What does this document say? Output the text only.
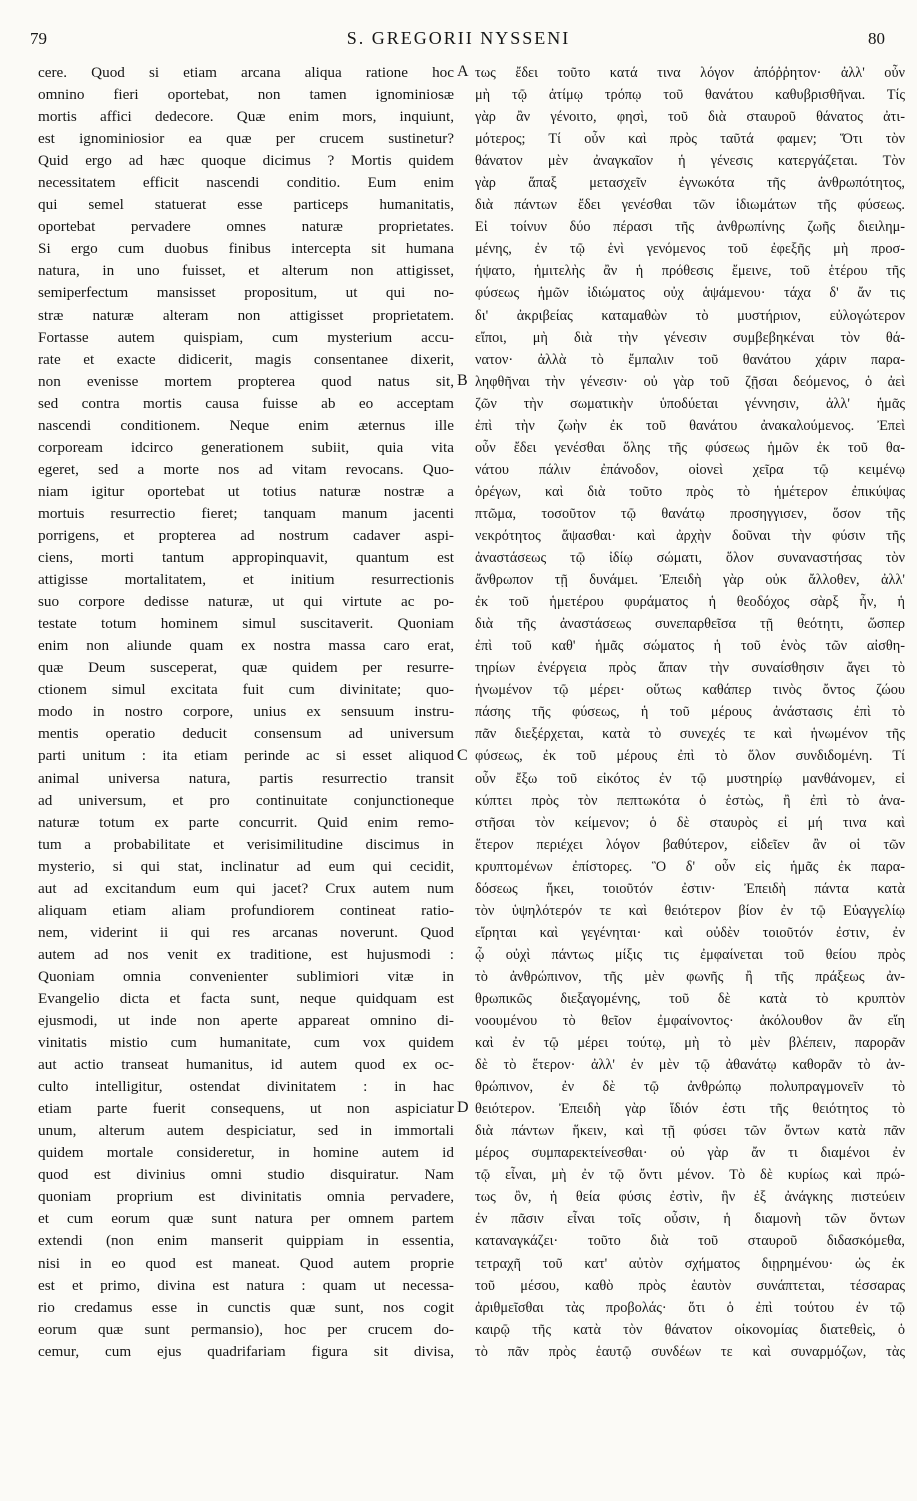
79	S. GREGORII NYSSENI	80
cere. Quod si etiam arcana aliqua ratione hoc
omnino fieri oportebat, non tamen ignominiosæ
mortis affici dedecore. Quæ enim mors, inquiunt,
est ignominiosior ea quæ per crucem sustinetur?
Quid ergo ad hæc quoque dicimus ? Mortis quidem
necessitatem efficit nascendi conditio. Eum enim
qui semel statuerat esse particeps humanitatis,
oportebat pervadere omnes naturæ proprietates.
Si ergo cum duobus finibus intercepta sit humana
natura, in uno fuisset, et alterum non attigisset,
semiperfectum mansisset propositum, ut qui no-
stræ naturæ alteram non attigisset proprietatem.
Fortasse autem quispiam, cum mysterium accu-
rate et exacte didicerit, magis consentanee dixerit,
non evenisse mortem propterea quod natus sit,
sed contra mortis causa fuisse ab eo acceptam
nascendi conditionem. Neque enim æternus ille
corpoream idcirco generationem subiit, quia vita
egeret, sed a morte nos ad vitam revocans. Quo-
niam igitur oportebat ut totius naturæ nostræ a
mortuis resurrectio fieret; tanquam manum jacenti
porrigens, et propterea ad nostrum cadaver aspi-
ciens, morti tantum appropinquavit, quantum est
attigisse mortalitatem, et initium resurrectionis
suo corpore dedisse naturæ, ut qui virtute ac po-
testate totum hominem simul suscitaverit. Quoniam
enim non aliunde quam ex nostra massa caro erat,
quæ Deum susceperat, quæ quidem per resurre-
ctionem simul excitata fuit cum divinitate; quo-
modo in nostro corpore, unius ex sensuum instru-
mentis operatio deducit consensum ad universum
parti unitum : ita etiam perinde ac si esset aliquod
animal universa natura, partis resurrectio transit
ad universum, et pro continuitate conjunctioneque
naturæ totum ex parte concurrit. Quid enim remo-
tum a probabilitate et verisimilitudine discimus in
mysterio, si qui stat, inclinatur ad eum qui cecidit,
aut ad excitandum eum qui jacet? Crux autem num
aliquam etiam aliam profundiorem contineat ratio-
nem, viderint ii qui res arcanas noverunt. Quod
autem ad nos venit ex traditione, est hujusmodi :
Quoniam omnia convenienter sublimiori vitæ in
Evangelio dicta et facta sunt, neque quidquam est
ejusmodi, ut inde non aperte appareat omnino di-
vinitatis mistio cum humanitate, cum vox quidem
aut actio transeat humanitus, id autem quod ex oc-
culto intelligitur, ostendat divinitatem : in hac
etiam parte fuerit consequens, ut non aspiciatur
unum, alterum autem despiciatur, sed in immortali
quidem mortale consideretur, in homine autem id
quod est divinius omni studio disquiratur. Nam
quoniam proprium est divinitatis omnia pervadere,
et cum eorum quæ sunt natura per omnem partem
extendi (non enim manserit quippiam in essentia,
nisi in eo quod est maneat. Quod autem proprie
est et primo, divina est natura : quam ut necessa-
rio credamus esse in cunctis quæ sunt, nos cogit
eorum quæ sunt permansio), hoc per crucem do-
cemur, cum ejus quadrifariam figura sit divisa,
τως ἔδει τοῦτο κατά τινα λόγον ἀπόῤῥητον· ἀλλ' οὖν
μὴ τῷ ἀτίμῳ τρόπῳ τοῦ θανάτου καθυβρισθῆναι. Τίς
γὰρ ἂν γένοιτο, φησὶ, τοῦ διὰ σταυροῦ θάνατος ἀτι-
μότερος; Τί οὖν καὶ πρὸς ταῦτά φαμεν; Ὅτι τὸν
θάνατον μὲν ἀναγκαῖον ἡ γένεσις κατεργάζεται. Τὸν
γὰρ ἅπαξ μετασχεῖν ἐγνωκότα τῆς ἀνθρωπότητος,
διὰ πάντων ἔδει γενέσθαι τῶν ἰδιωμάτων τῆς φύσεως.
Εἰ τοίνυν δύο πέρασι τῆς ἀνθρωπίνης ζωῆς διειλημ-
μένης, ἐν τῷ ἑνὶ γενόμενος τοῦ ἐφεξῆς μὴ προσ-
ήψατο, ἡμιτελὴς ἂν ἡ πρόθεσις ἔμεινε, τοῦ ἑτέρου τῆς
φύσεως ἡμῶν ἰδιώματος οὐχ ἁψάμενου· τάχα δ' ἄν τις
δι' ἀκριβείας καταμαθὼν τὸ μυστήριον, εὐλογώτερον
εἴποι, μὴ διὰ τὴν γένεσιν συμβεβηκέναι τὸν θά-
νατον· ἀλλὰ τὸ ἔμπαλιν τοῦ θανάτου χάριν παρα-
ληφθῆναι τὴν γένεσιν· οὐ γὰρ τοῦ ζῇσαι δεόμενος, ὁ ἀεὶ
ζῶν τὴν σωματικὴν ὑποδύεται γέννησιν, ἀλλ' ἡμᾶς
ἐπὶ τὴν ζωὴν ἐκ τοῦ θανάτου ἀνακαλούμενος. Ἐπεὶ
οὖν ἔδει γενέσθαι ὅλης τῆς φύσεως ἡμῶν ἐκ τοῦ θα-
νάτου πάλιν ἐπάνοδον, οἱονεὶ χεῖρα τῷ κειμένῳ
ὀρέγων, καὶ διὰ τοῦτο πρὸς τὸ ἡμέτερον ἐπικύψας
πτῶμα, τοσοῦτον τῷ θανάτῳ προσηγγισεν, ὅσον τῆς
νεκρότητος ἅψασθαι· καὶ ἀρχὴν δοῦναι τὴν φύσιν τῆς
ἀναστάσεως τῷ ἰδίῳ σώματι, ὅλον συναναστήσας τὸν
ἄνθρωπον τῇ δυνάμει. Ἐπειδὴ γὰρ οὐκ ἄλλοθεν, ἀλλ'
ἐκ τοῦ ἡμετέρου φυράματος ἡ θεοδόχος σὰρξ ἦν, ἡ
διὰ τῆς ἀναστάσεως συνεπαρθεῖσα τῇ θεότητι, ὥσπερ
ἐπὶ τοῦ καθ' ἡμᾶς σώματος ἡ τοῦ ἑνὸς τῶν αἰσθη-
τηρίων ἐνέργεια πρὸς ἅπαν τὴν συναίσθησιν ἄγει τὸ
ἡνωμένον τῷ μέρει· οὕτως καθάπερ τινὸς ὄντος ζώου
πάσης τῆς φύσεως, ἡ τοῦ μέρους ἀνάστασις ἐπὶ τὸ
πᾶν διεξέρχεται, κατὰ τὸ συνεχές τε καὶ ἡνωμένον τῆς
φύσεως, ἐκ τοῦ μέρους ἐπὶ τὸ ὅλον συνδιδομένη. Τί
οὖν ἔξω τοῦ εἰκότος ἐν τῷ μυστηρίῳ μανθάνομεν, εἰ
κύπτει πρὸς τὸν πεπτωκότα ὁ ἑστὼς, ἢ ἐπὶ τὸ ἀνα-
στῆσαι τὸν κείμενον; ὁ δὲ σταυρὸς εἰ μή τινα καὶ
ἕτερον περιέχει λόγον βαθύτερον, εἰδεῖεν ἂν οἱ τῶν
κρυπτομένων ἐπίστορες. Ὃ δ' οὖν εἰς ἡμᾶς ἐκ παρα-
δόσεως ἥκει, τοιοῦτόν ἐστιν· Ἐπειδὴ πάντα κατὰ
τὸν ὑψηλότερόν τε καὶ θειότερον βίον ἐν τῷ Εὐαγγελίῳ
εἴρηται καὶ γεγένηται· καὶ οὐδὲν τοιοῦτόν ἐστιν, ἐν
ᾧ οὐχὶ πάντως μίξις τις ἐμφαίνεται τοῦ θείου πρὸς
τὸ ἀνθρώπινον, τῆς μὲν φωνῆς ἢ τῆς πράξεως ἀν-
θρωπικῶς διεξαγομένης, τοῦ δὲ κατὰ τὸ κρυπτὸν
νοουμένου τὸ θεῖον ἐμφαίνοντος· ἀκόλουθον ἂν εἴη
καὶ ἐν τῷ μέρει τούτῳ, μὴ τὸ μὲν βλέπειν, παρορᾶν
δὲ τὸ ἕτερον· ἀλλ' ἐν μὲν τῷ ἀθανάτῳ καθορᾶν τὸ ἀν-
θρώπινον, ἐν δὲ τῷ ἀνθρώπῳ πολυπραγμονεῖν τὸ
θειότερον. Ἐπειδὴ γὰρ ἴδιόν ἐστι τῆς θειότητος τὸ
διὰ πάντων ἥκειν, καὶ τῇ φύσει τῶν ὄντων κατὰ πᾶν
μέρος συμπαρεκτείνεσθαι· οὐ γὰρ ἄν τι διαμένοι ἐν
τῷ εἶναι, μὴ ἐν τῷ ὄντι μένον. Τὸ δὲ κυρίως καὶ πρώ-
τως ὂν, ἡ θεία φύσις ἐστὶν, ἣν ἐξ ἀνάγκης πιστεύειν
ἐν πᾶσιν εἶναι τοῖς οὖσιν, ἡ διαμονὴ τῶν ὄντων
καταναγκάζει· τοῦτο διὰ τοῦ σταυροῦ διδασκόμεθα,
τετραχῆ τοῦ κατ' αὐτὸν σχήματος διῃρημένου· ὡς ἐκ
τοῦ μέσου, καθὸ πρὸς ἑαυτὸν συνάπτεται, τέσσαρας
ἀριθμεῖσθαι τὰς προβολάς· ὅτι ὁ ἐπὶ τούτου ἐν τῷ
καιρῷ τῆς κατὰ τὸν θάνατον οἰκονομίας διατεθεὶς, ὁ
τὸ πᾶν πρὸς ἑαυτῷ συνδέων τε καὶ συναρμόζων, τὰς
A
B
C
D
